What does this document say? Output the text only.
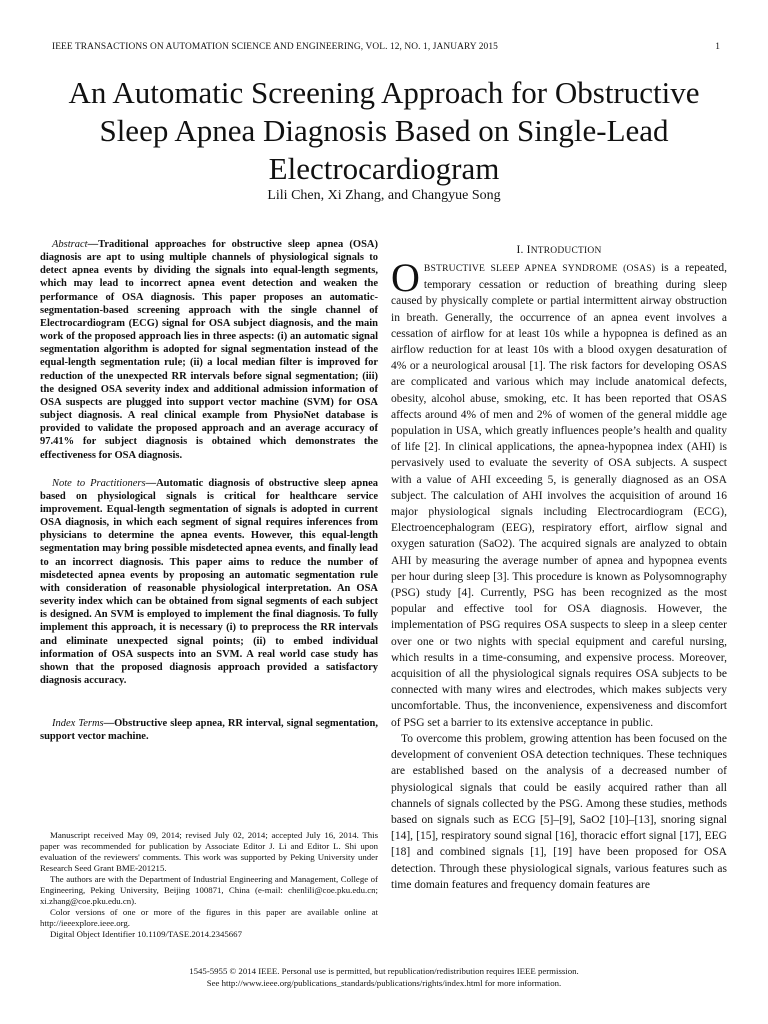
IEEE TRANSACTIONS ON AUTOMATION SCIENCE AND ENGINEERING, VOL. 12, NO. 1, JANUARY 2015	1
An Automatic Screening Approach for Obstructive
Sleep Apnea Diagnosis Based on Single-Lead
Electrocardiogram
Lili Chen, Xi Zhang, and Changyue Song

Abstract—Traditional approaches for obstructive sleep apnea (OSA) diagnosis are apt to using multiple channels of physiological signals to detect apnea events by dividing the signals into equal-length segments, which may lead to incorrect apnea event detection and weaken the performance of OSA diagnosis. This paper proposes an automatic-segmentation-based screening approach with the single channel of Electrocardiogram (ECG) signal for OSA subject diagnosis, and the main work of the proposed approach lies in three aspects: (i) an automatic signal segmentation algorithm is adopted for signal segmentation instead of the equal-length segmentation rule; (ii) a local median filter is improved for reduction of the unexpected RR intervals before signal segmentation; (iii) the designed OSA severity index and additional admission information of OSA suspects are plugged into support vector machine (SVM) for OSA subject diagnosis. A real clinical example from PhysioNet database is provided to validate the proposed approach and an average accuracy of 97.41% for subject diagnosis is obtained which demonstrates the effectiveness for OSA diagnosis.

Note to Practitioners—Automatic diagnosis of obstructive sleep apnea based on physiological signals is critical for healthcare service improvement. Equal-length segmentation of signals is adopted in current OSA diagnosis, in which each segment of signal requires inferences from physicians to determine the apnea events. However, this equal-length segmentation may bring possible misdetected apnea events, and finally lead to an incorrect diagnosis. This paper aims to reduce the number of misdetected apnea events by proposing an automatic segmentation rule with consideration of reasonable physiological interpretation. An OSA severity index which can be obtained from signal segments of each subject is designed. An SVM is employed to implement the final diagnosis. To fully implement this approach, it is necessary (i) to preprocess the RR intervals and eliminate unexpected signal points; (ii) to embed individual information of OSA suspects into an SVM. A real world case study has shown that the proposed diagnosis approach provided a satisfactory diagnosis accuracy.

Index Terms—Obstructive sleep apnea, RR interval, signal segmentation, support vector machine.

Manuscript received May 09, 2014; revised July 02, 2014; accepted July 16, 2014. This paper was recommended for publication by Associate Editor J. Li and Editor L. Shi upon evaluation of the reviewers' comments. This work was supported by Peking University under Research Seed Grant BME-201215.

The authors are with the Department of Industrial Engineering and Management, College of Engineering, Peking University, Beijing 100871, China (e-mail: chenlili@coe.pku.edu.cn; xi.zhang@coe.pku.edu.cn).

Color versions of one or more of the figures in this paper are available online at http://ieeexplore.ieee.org.

Digital Object Identifier 10.1109/TASE.2014.2345667

I. INTRODUCTION

OBSTRUCTIVE SLEEP APNEA SYNDROME (OSAS) is a repeated, temporary cessation or reduction of breathing during sleep caused by physically complete or partial intermittent airway obstruction in breath. Generally, the occurrence of an apnea event involves a cessation of airflow for at least 10s while a hypopnea is defined as an airflow reduction for at least 10s with a blood oxygen desaturation of 4% or a neurological arousal [1]. The risk factors for developing OSAS are complicated and various which may include anatomical defects, obesity, alcohol abuse, smoking, etc. It has been reported that OSAS affects around 4% of men and 2% of women of the general middle age population in USA, which greatly influences people’s health and quality of life [2]. In clinical applications, the apnea-hypopnea index (AHI) is pervasively used to evaluate the severity of OSA subjects. A suspect with a value of AHI exceeding 5, is generally diagnosed as an OSA subject. The calculation of AHI involves the acquisition of around 16 major physiological signals including Electrocardiogram (ECG), Electroencephalogram (EEG), respiratory effort, airflow signal and oxygen saturation (SaO2). The acquired signals are analyzed to obtain AHI by measuring the average number of apnea and hypopnea events per hour during sleep [3]. This procedure is known as Polysomnography (PSG) study [4]. Currently, PSG has been recognized as the most popular and effective tool for OSA diagnosis. However, the implementation of PSG requires OSA suspects to sleep in a sleep center over one or two nights with special equipment and careful nursing, which results in a time-consuming, and expensive process. Moreover, acquisition of all the physiological signals requires OSA subjects to be connected with many wires and electrodes, which makes subjects very uncomfortable. Thus, the inconvenience, expensiveness and discomfort of PSG set a barrier to its extensive acceptance in public.

To overcome this problem, growing attention has been focused on the development of convenient OSA detection techniques. These techniques are established based on the analysis of a decreased number of physiological signals that could be easily acquired rather than all channels of signals collected by the PSG. Among these studies, methods based on signals such as ECG [5]–[9], SaO2 [10]–[13], snoring signal [14], [15], respiratory sound signal [16], thoracic effort signal [17], EEG [18] and combined signals [1], [19] have been proposed for OSA detection. Through these physiological signals, various features such as time domain features and frequency domain features are

1545-5955 © 2014 IEEE. Personal use is permitted, but republication/redistribution requires IEEE permission.
See http://www.ieee.org/publications_standards/publications/rights/index.html for more information.
